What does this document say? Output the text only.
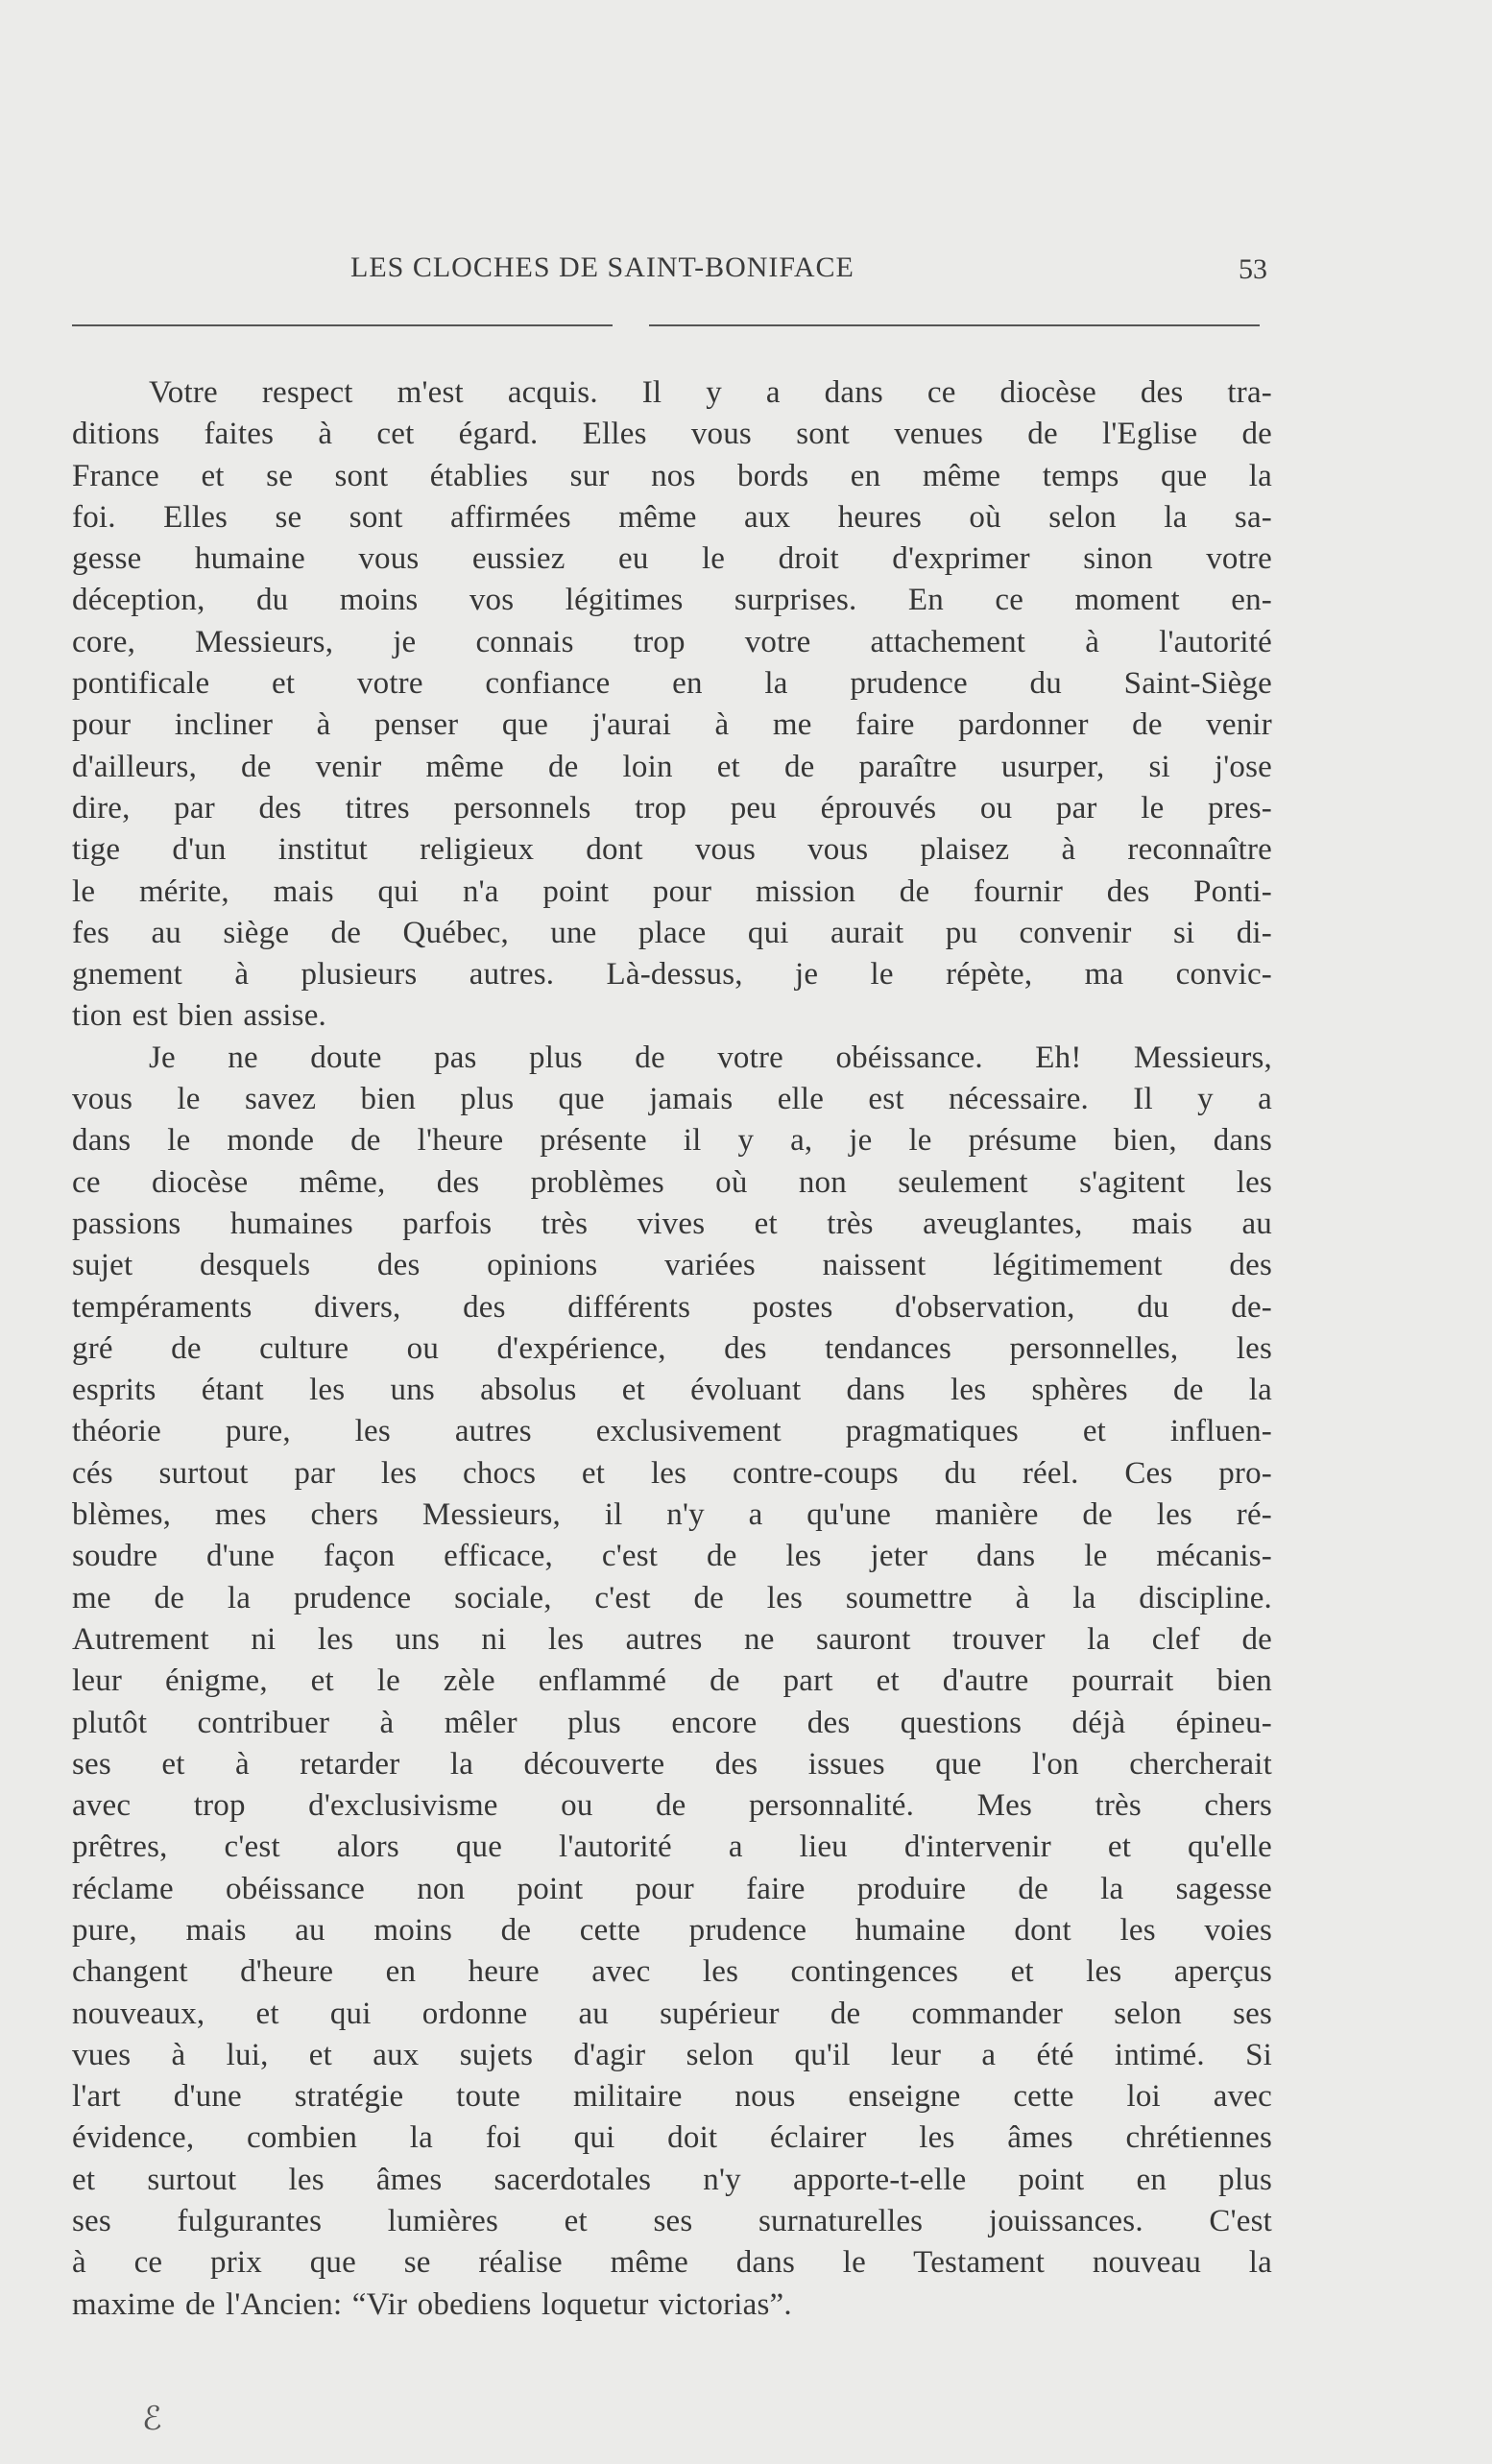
LES CLOCHES DE SAINT-BONIFACE	53
Votre respect m'est acquis. Il y a dans ce diocèse des tra-
ditions faites à cet égard. Elles vous sont venues de l'Eglise de
France et se sont établies sur nos bords en même temps que la
foi. Elles se sont affirmées même aux heures où selon la sa-
gesse humaine vous eussiez eu le droit d'exprimer sinon votre
déception, du moins vos légitimes surprises. En ce moment en-
core, Messieurs, je connais trop votre attachement à l'autorité
pontificale et votre confiance en la prudence du Saint-Siège
pour incliner à penser que j'aurai à me faire pardonner de venir
d'ailleurs, de venir même de loin et de paraître usurper, si j'ose
dire, par des titres personnels trop peu éprouvés ou par le pres-
tige d'un institut religieux dont vous vous plaisez à reconnaître
le mérite, mais qui n'a point pour mission de fournir des Ponti-
fes au siège de Québec, une place qui aurait pu convenir si di-
gnement à plusieurs autres. Là-dessus, je le répète, ma convic-
tion est bien assise.
Je ne doute pas plus de votre obéissance. Eh! Messieurs,
vous le savez bien plus que jamais elle est nécessaire. Il y a
dans le monde de l'heure présente il y a, je le présume bien, dans
ce diocèse même, des problèmes où non seulement s'agitent les
passions humaines parfois très vives et très aveuglantes, mais au
sujet desquels des opinions variées naissent légitimement des
tempéraments divers, des différents postes d'observation, du de-
gré de culture ou d'expérience, des tendances personnelles, les
esprits étant les uns absolus et évoluant dans les sphères de la
théorie pure, les autres exclusivement pragmatiques et influen-
cés surtout par les chocs et les contre-coups du réel. Ces pro-
blèmes, mes chers Messieurs, il n'y a qu'une manière de les ré-
soudre d'une façon efficace, c'est de les jeter dans le mécanis-
me de la prudence sociale, c'est de les soumettre à la discipline.
Autrement ni les uns ni les autres ne sauront trouver la clef de
leur énigme, et le zèle enflammé de part et d'autre pourrait bien
plutôt contribuer à mêler plus encore des questions déjà épineu-
ses et à retarder la découverte des issues que l'on chercherait
avec trop d'exclusivisme ou de personnalité. Mes très chers
prêtres, c'est alors que l'autorité a lieu d'intervenir et qu'elle
réclame obéissance non point pour faire produire de la sagesse
pure, mais au moins de cette prudence humaine dont les voies
changent d'heure en heure avec les contingences et les aperçus
nouveaux, et qui ordonne au supérieur de commander selon ses
vues à lui, et aux sujets d'agir selon qu'il leur a été intimé. Si
l'art d'une stratégie toute militaire nous enseigne cette loi avec
évidence, combien la foi qui doit éclairer les âmes chrétiennes
et surtout les âmes sacerdotales n'y apporte-t-elle point en plus
ses fulgurantes lumières et ses surnaturelles jouissances. C'est
à ce prix que se réalise même dans le Testament nouveau la
maxime de l'Ancien: “Vir obediens loquetur victorias”.
ℰ
